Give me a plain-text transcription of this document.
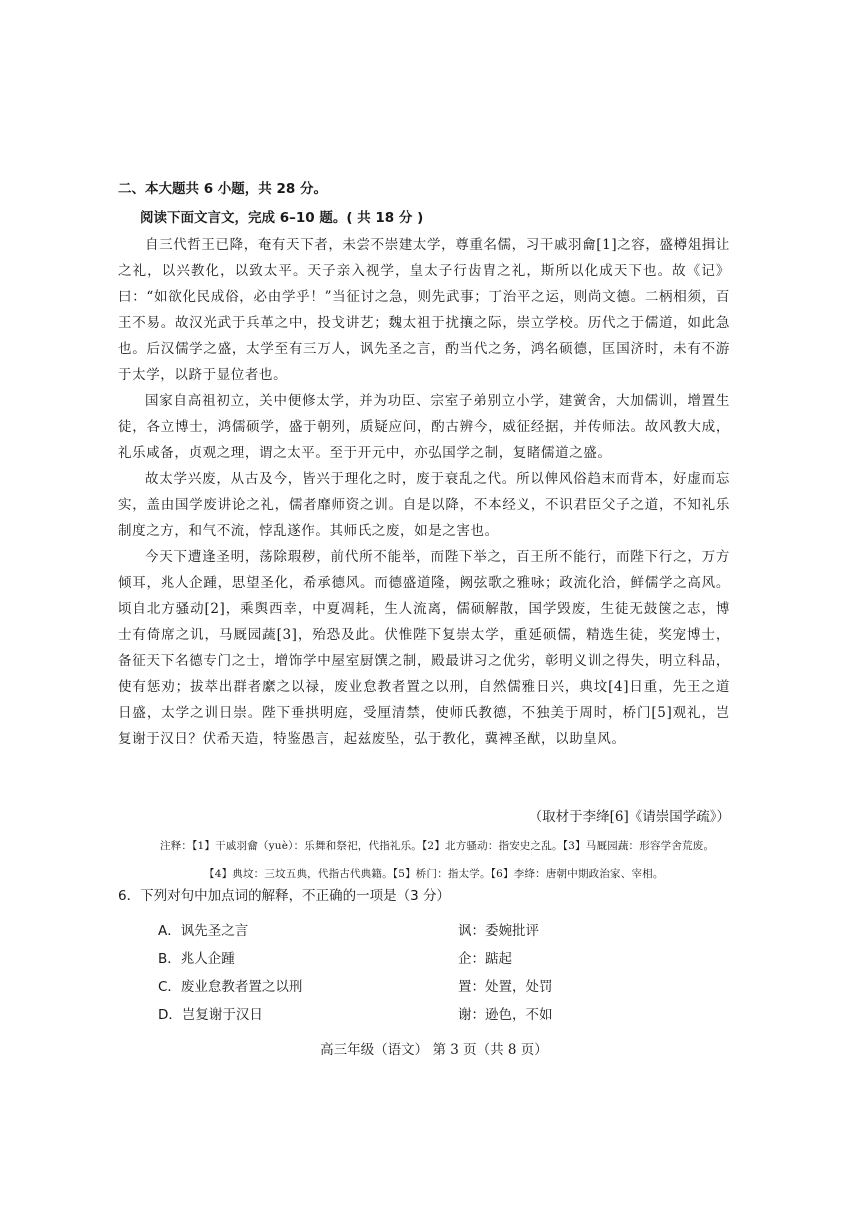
二、本大题共 6 小题，共 28 分。
阅读下面文言文，完成 6–10 题。( 共 18 分 )

自三代哲王已降，奄有天下者，未尝不崇建太学，尊重名儒，习干戚羽龠[1]之容，盛樽俎揖让之礼，以兴教化，以致太平。天子亲入视学，皇太子行齿胄之礼，斯所以化成天下也。故《记》曰：“如欲化民成俗，必由学乎！”当征讨之急，则先武事；丁治平之运，则尚文德。二柄相须，百王不易。故汉光武于兵革之中，投戈讲艺；魏太祖于扰攘之际，崇立学校。历代之于儒道，如此急也。后汉儒学之盛，太学至有三万人，讽先圣之言，酌当代之务，鸿名硕德，匡国济时，未有不游于太学，以跻于显位者也。

国家自高祖初立，关中便修太学，并为功臣、宗室子弟别立小学，建黉舍，大加儒训，增置生徒，各立博士，鸿儒硕学，盛于朝列，质疑应问，酌古辨今，威征经据，并传师法。故风教大成，礼乐咸备，贞观之理，谓之太平。至于开元中，亦弘国学之制，复睹儒道之盛。

故太学兴废，从古及今，皆兴于理化之时，废于衰乱之代。所以俾风俗趋末而背本，好虚而忘实，盖由国学废讲论之礼，儒者靡师资之训。自是以降，不本经义，不识君臣父子之道，不知礼乐制度之方，和气不流，悖乱遂作。其师氏之废，如是之害也。

今天下遭逢圣明，荡除瑕秽，前代所不能举，而陛下举之，百王所不能行，而陛下行之，万方倾耳，兆人企踵，思望圣化，希承德风。而德盛道隆，阙弦歌之雅咏；政流化洽，鲜儒学之高风。顷自北方骚动[2]，乘舆西幸，中夏凋耗，生人流离，儒硕解散，国学毁废，生徒无鼓箧之志，博士有倚席之讥，马厩园蔬[3]，殆恐及此。伏惟陛下复崇太学，重延硕儒，精选生徒，奖宠博士，备征天下名德专门之士，增饰学中屋室厨馔之制，殿最讲习之优劣，彰明义训之得失，明立科品，使有惩劝；拔萃出群者縻之以禄，废业怠教者置之以刑，自然儒雅日兴，典坟[4]日重，先王之道日盛，太学之训日崇。陛下垂拱明庭，受厘清禁，使师氏教德，不独美于周时，桥门[5]观礼，岂复谢于汉日？伏希天造，特鉴愚言，起兹废坠，弘于教化，冀裨圣猷，以助皇风。

（取材于李绛[6]《请崇国学疏》）
注释：【1】干戚羽龠（yuè）：乐舞和祭祀，代指礼乐。【2】北方骚动：指安史之乱。【3】马厩园蔬：形容学舍荒废。
【4】典坟：三坟五典，代指古代典籍。【5】桥门：指太学。【6】李绛：唐朝中期政治家、宰相。
6．下列对句中加点词的解释，不正确的一项是（3 分）
A．讽先圣之言	讽：委婉批评
B．兆人企踵	企：踮起
C．废业怠教者置之以刑	置：处置，处罚
D．岂复谢于汉日	谢：逊色，不如
高三年级（语文） 第 3 页（共 8 页）
